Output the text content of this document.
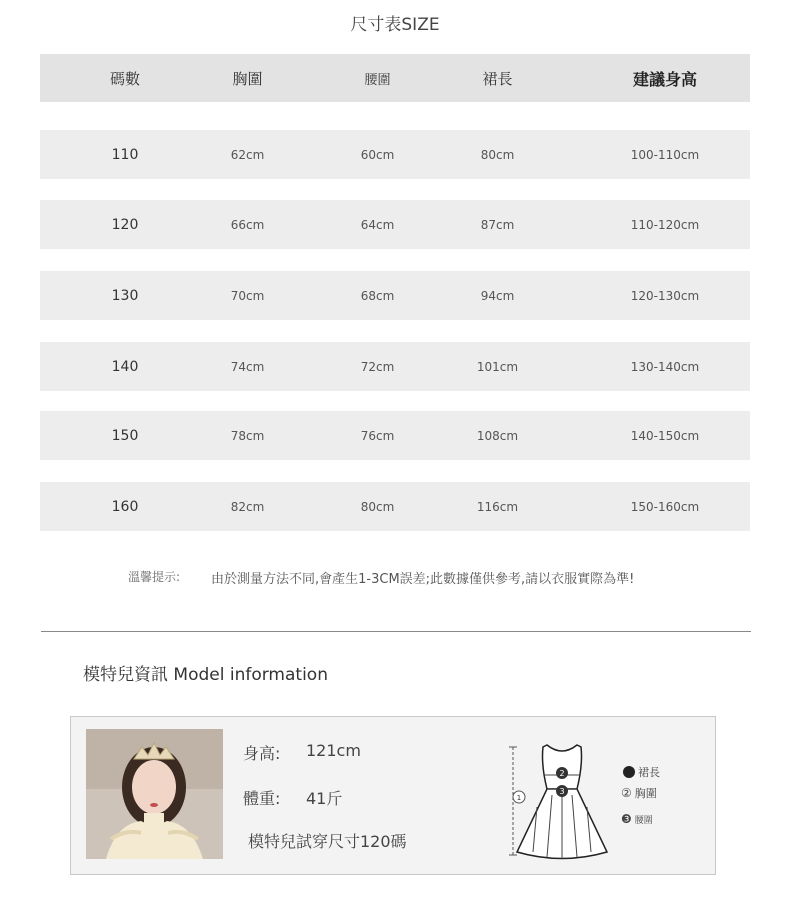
尺寸表SIZE
碼數	胸圍	腰圍	裙長	建議身高
110	62cm	60cm	80cm	100-110cm
120	66cm	64cm	87cm	110-120cm
130	70cm	68cm	94cm	120-130cm
140	74cm	72cm	101cm	130-140cm
150	78cm	76cm	108cm	140-150cm
160	82cm	80cm	116cm	150-160cm
溫馨提示: 由於測量方法不同,會產生1-3CM誤差;此數據僅供參考,請以衣服實際為準!
模特兒資訊 Model information
身高: 121cm
體重: 41斤
模特兒試穿尺寸120碼
2
3
1
裙長
② 胸圍
❸ 腰圍
